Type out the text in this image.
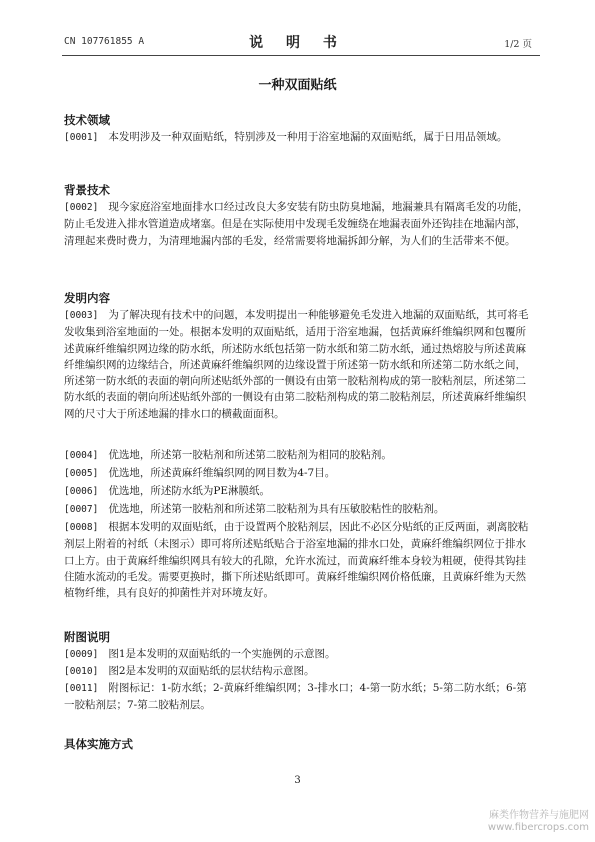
CN 107761855 A	说 明 书	1/2 页
一种双面贴纸
技术领域
[0001] 本发明涉及一种双面贴纸，特别涉及一种用于浴室地漏的双面贴纸，属于日用品领域。
背景技术
[0002] 现今家庭浴室地面排水口经过改良大多安装有防虫防臭地漏，地漏兼具有隔离毛发的功能，防止毛发进入排水管道造成堵塞。但是在实际使用中发现毛发缠绕在地漏表面外还钩挂在地漏内部，清理起来费时费力，为清理地漏内部的毛发，经常需要将地漏拆卸分解，为人们的生活带来不便。
发明内容
[0003] 为了解决现有技术中的问题，本发明提出一种能够避免毛发进入地漏的双面贴纸，其可将毛发收集到浴室地面的一处。根据本发明的双面贴纸，适用于浴室地漏，包括黄麻纤维编织网和包覆所述黄麻纤维编织网边缘的防水纸，所述防水纸包括第一防水纸和第二防水纸，通过热熔胶与所述黄麻纤维编织网的边缘结合，所述黄麻纤维编织网的边缘设置于所述第一防水纸和所述第二防水纸之间，所述第一防水纸的表面的朝向所述贴纸外部的一侧设有由第一胶粘剂构成的第一胶粘剂层，所述第二防水纸的表面的朝向所述贴纸外部的一侧设有由第二胶粘剂构成的第二胶粘剂层，所述黄麻纤维编织网的尺寸大于所述地漏的排水口的横截面面积。
[0004] 优选地，所述第一胶粘剂和所述第二胶粘剂为相同的胶粘剂。
[0005] 优选地，所述黄麻纤维编织网的网目数为4-7目。
[0006] 优选地，所述防水纸为PE淋膜纸。
[0007] 优选地，所述第一胶粘剂和所述第二胶粘剂为具有压敏胶粘性的胶粘剂。
[0008] 根据本发明的双面贴纸，由于设置两个胶粘剂层，因此不必区分贴纸的正反两面，剥离胶粘剂层上附着的衬纸（未图示）即可将所述贴纸贴合于浴室地漏的排水口处，黄麻纤维编织网位于排水口上方。由于黄麻纤维编织网具有较大的孔隙，允许水流过，而黄麻纤维本身较为粗硬，使得其钩挂住随水流动的毛发。需要更换时，撕下所述贴纸即可。黄麻纤维编织网价格低廉，且黄麻纤维为天然植物纤维，具有良好的抑菌性并对环境友好。
附图说明
[0009] 图1是本发明的双面贴纸的一个实施例的示意图。
[0010] 图2是本发明的双面贴纸的层状结构示意图。
[0011] 附图标记：1-防水纸；2-黄麻纤维编织网；3-排水口；4-第一防水纸；5-第二防水纸；6-第一胶粘剂层；7-第二胶粘剂层。
具体实施方式
3
麻类作物营养与施肥网
www.fibercrops.com
